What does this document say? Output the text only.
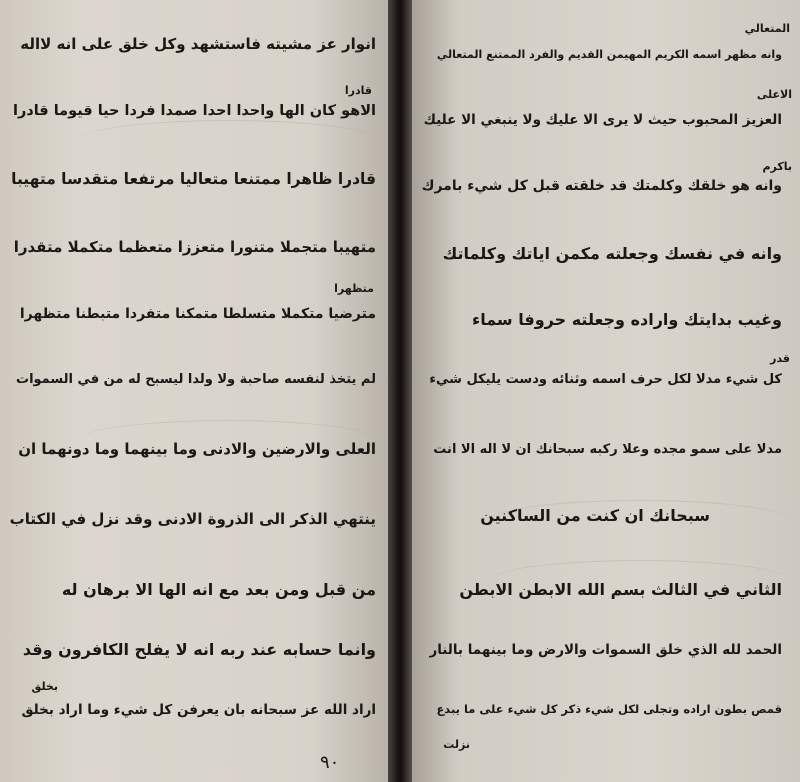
انوار عز مشيته فاستشهد وكل خلق على انه لااله
قادرا
الاهو كان الها واحدا احدا صمدا فردا حيا قيوما قادرا
قادرا ظاهرا ممتنعا متعاليا مرتفعا متقدسا متهيبا
متهيبا متجملا متنورا متعززا متعظما متكملا متقدرا
متظهرا
مترضيا متكملا متسلطا متمكنا متفردا متبطنا متظهرا
لم يتخذ لنفسه صاحبة ولا ولدا ليسبح له من في السموات
العلى والارضين والادنى وما بينهما وما دونهما ان
ينتهي الذكر الى الذروة الادنى وقد نزل في الكتاب
من قبل ومن بعد مع انه الها الا برهان له
وانما حسابه عند ربه انه لا يفلح الكافرون وقد
بخلق
اراد الله عز سبحانه بان يعرفن كل شيء وما اراد بخلق
٩٠
المتعالي
وانه مظهر اسمه الكريم المهيمن القديم والفرد الممتنع المتعالي
الاعلى
العزيز المحبوب حيث لا يرى الا عليك ولا ينبغي الا عليك
باكرم
وانه هو خلقك وكلمتك قد خلقته قبل كل شيء بامرك
وانه في نفسك وجعلته مكمن اياتك وكلماتك
وغيب بدايتك واراده وجعلته حروفا سماء
قدر
كل شيء مدلا لكل حرف اسمه وثنائه ودست يليكل شيء
مدلا على سمو مجده وعلا ركبه سبحانك ان لا اله الا انت
سبحانك ان كنت من الساكنين
الثاني في الثالث بسم الله الابطن الابطن
الحمد لله الذي خلق السموات والارض وما بينهما بالنار
قمص بطون اراده وتجلى لكل شيء ذكر كل شيء على ما يبدع
نزلت
